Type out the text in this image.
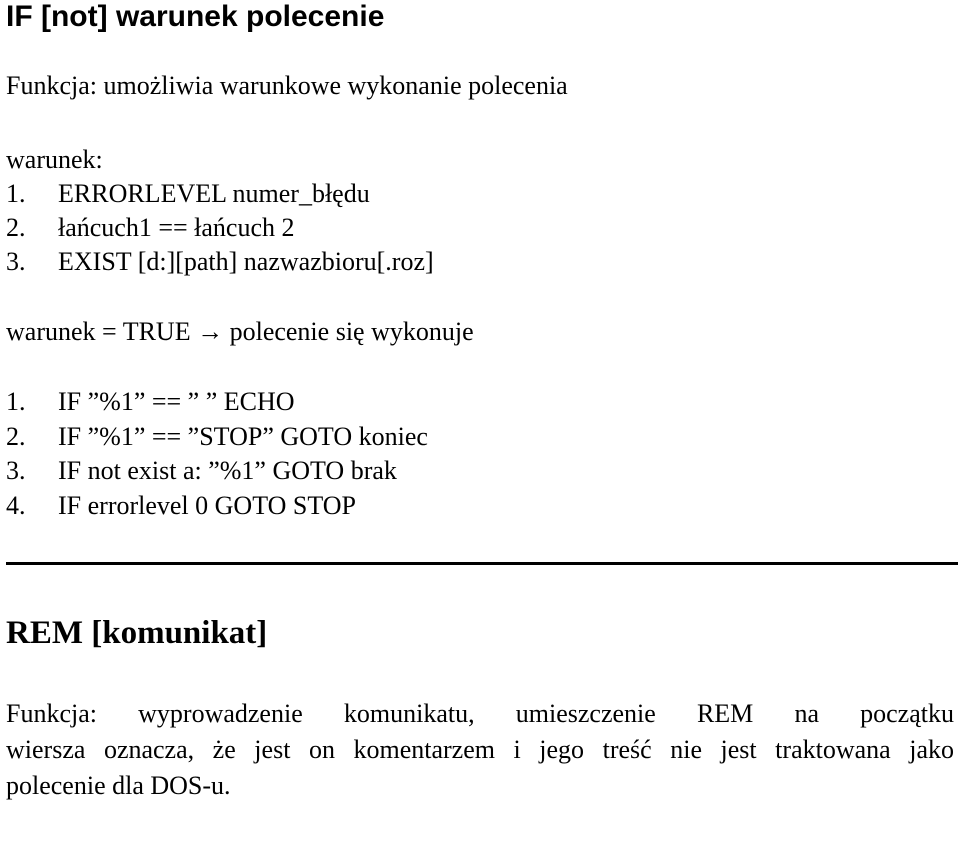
IF [not] warunek polecenie
Funkcja: umożliwia warunkowe wykonanie polecenia
warunek:
1. ERRORLEVEL numer_błędu
2. łańcuch1 == łańcuch 2
3. EXIST [d:][path] nazwazbioru[.roz]
warunek = TRUE → polecenie się wykonuje
1. IF ”%1” == ” ” ECHO
2. IF ”%1” == ”STOP” GOTO koniec
3. IF not exist a: ”%1” GOTO brak
4. IF errorlevel 0 GOTO STOP
REM [komunikat]
Funkcja: wyprowadzenie komunikatu, umieszczenie REM na początku
wiersza oznacza, że jest on komentarzem i jego treść nie jest traktowana jako
polecenie dla DOS-u.
